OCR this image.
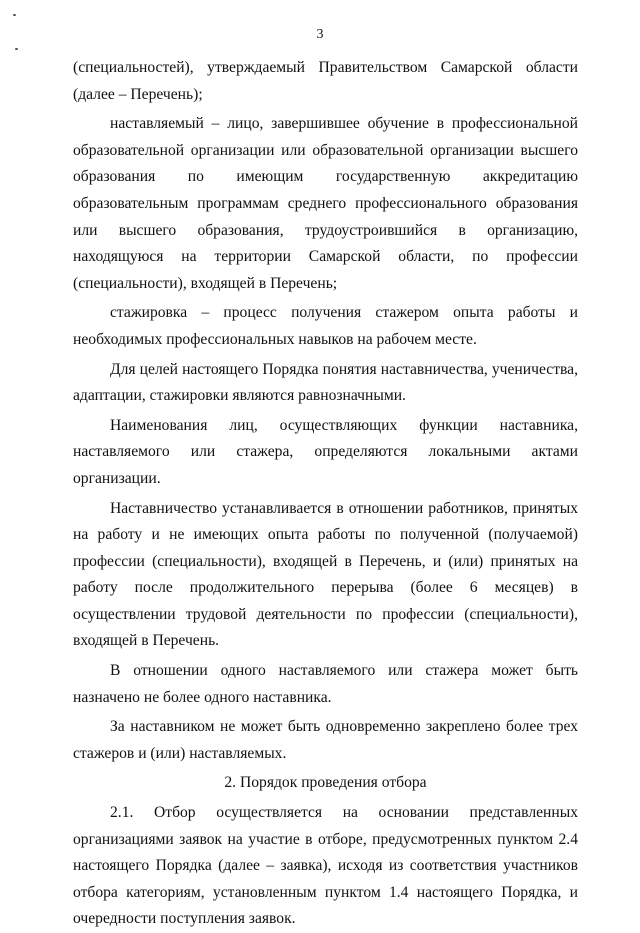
3

(специальностей), утверждаемый Правительством Самарской области (далее – Перечень);

наставляемый – лицо, завершившее обучение в профессиональной образовательной организации или образовательной организации высшего образования по имеющим государственную аккредитацию образовательным программам среднего профессионального образования или высшего образования, трудоустроившийся в организацию, находящуюся на территории Самарской области, по профессии (специальности), входящей в Перечень;

стажировка – процесс получения стажером опыта работы и необходимых профессиональных навыков на рабочем месте.

Для целей настоящего Порядка понятия наставничества, ученичества, адаптации, стажировки являются равнозначными.

Наименования лиц, осуществляющих функции наставника, наставляемого или стажера, определяются локальными актами организации.

Наставничество устанавливается в отношении работников, принятых на работу и не имеющих опыта работы по полученной (получаемой) профессии (специальности), входящей в Перечень, и (или) принятых на работу после продолжительного перерыва (более 6 месяцев) в осуществлении трудовой деятельности по профессии (специальности), входящей в Перечень.

В отношении одного наставляемого или стажера может быть назначено не более одного наставника.

За наставником не может быть одновременно закреплено более трех стажеров и (или) наставляемых.

2. Порядок проведения отбора

2.1. Отбор осуществляется на основании представленных организациями заявок на участие в отборе, предусмотренных пунктом 2.4 настоящего Порядка (далее – заявка), исходя из соответствия участников отбора категориям, установленным пунктом 1.4 настоящего Порядка, и очередности поступления заявок.
